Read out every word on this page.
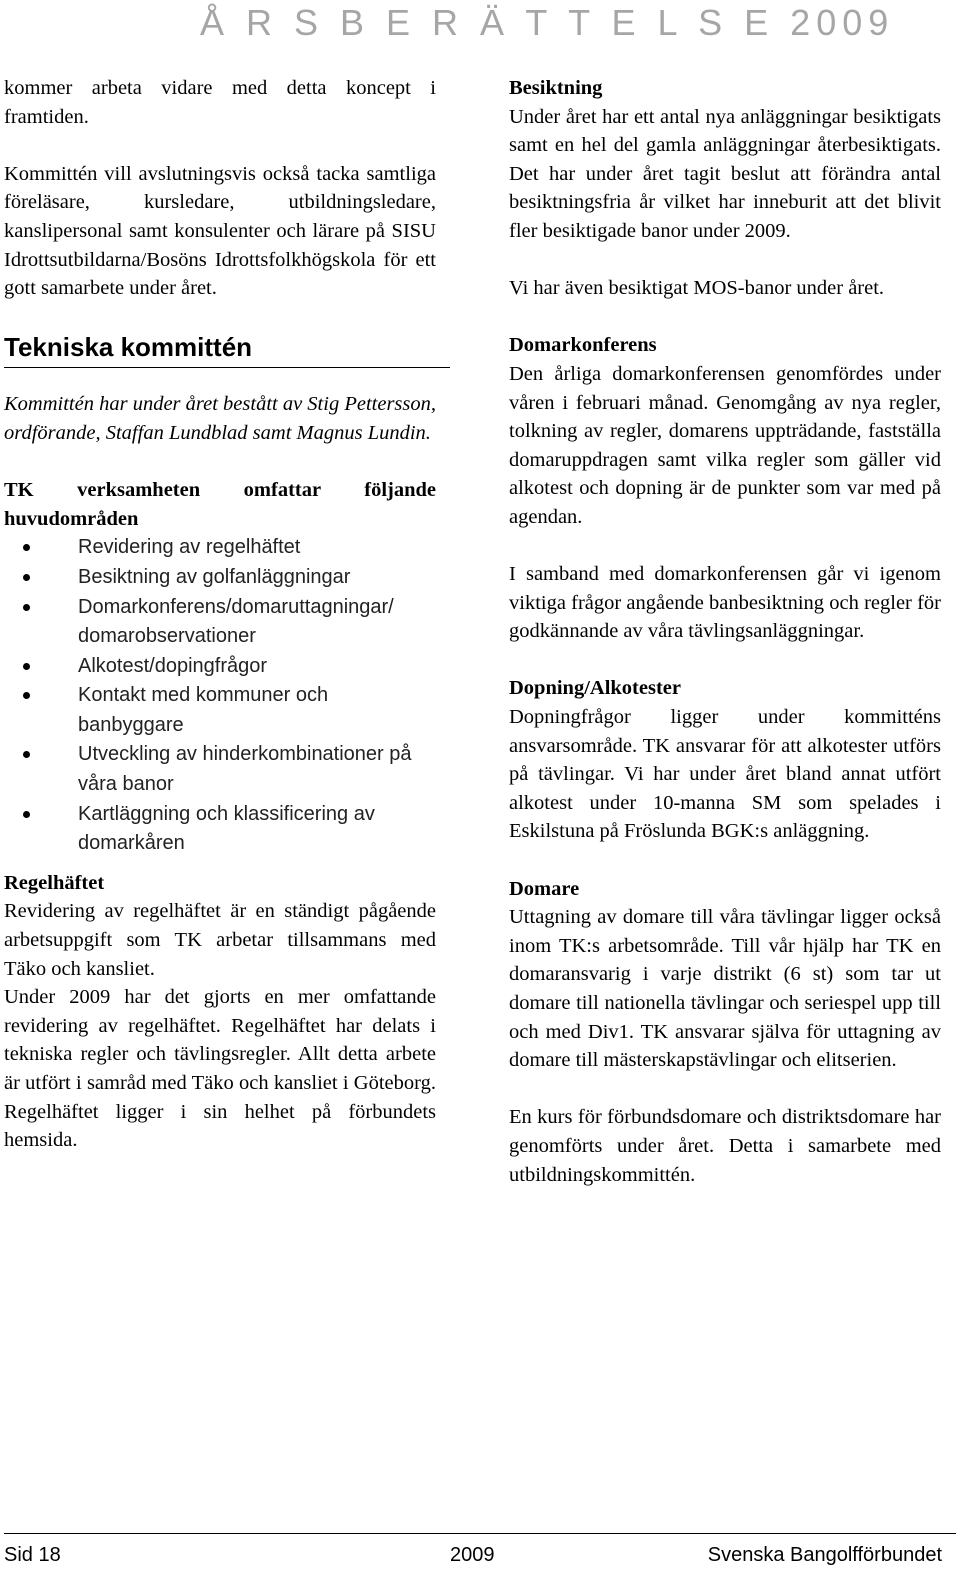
Å R S B E R Ä T T E L S E 2009

kommer arbeta vidare med detta koncept i framtiden.

Kommittén vill avslutningsvis också tacka samtliga föreläsare, kursledare, utbildningsledare, kanslipersonal samt konsulenter och lärare på SISU Idrottsutbildarna/Bosöns Idrottsfolkhögskola för ett gott samarbete under året.

Tekniska kommittén

Kommittén har under året bestått av Stig Pettersson, ordförande, Staffan Lundblad samt Magnus Lundin.

TK verksamheten omfattar följande huvudområden

Revidering av regelhäftet
Besiktning av golfanläggningar
Domarkonferens/domaruttagningar/ domarobservationer
Alkotest/dopingfrågor
Kontakt med kommuner och banbyggare
Utveckling av hinderkombinationer på våra banor
Kartläggning och klassificering av domarkåren

Regelhäftet

Revidering av regelhäftet är en ständigt pågående arbetsuppgift som TK arbetar tillsammans med Täko och kansliet.

Under 2009 har det gjorts en mer omfattande revidering av regelhäftet. Regelhäftet har delats i tekniska regler och tävlingsregler. Allt detta arbete är utfört i samråd med Täko och kansliet i Göteborg. Regelhäftet ligger i sin helhet på förbundets hemsida.

Besiktning

Under året har ett antal nya anläggningar besiktigats samt en hel del gamla anläggningar återbesiktigats. Det har under året tagit beslut att förändra antal besiktningsfria år vilket har inneburit att det blivit fler besiktigade banor under 2009.

Vi har även besiktigat MOS-banor under året.

Domarkonferens

Den årliga domarkonferensen genomfördes under våren i februari månad. Genomgång av nya regler, tolkning av regler, domarens uppträdande, fastställa domaruppdragen samt vilka regler som gäller vid alkotest och dopning är de punkter som var med på agendan.

I samband med domarkonferensen går vi igenom viktiga frågor angående banbesiktning och regler för godkännande av våra tävlingsanläggningar.

Dopning/Alkotester

Dopningfrågor ligger under kommitténs ansvarsområde. TK ansvarar för att alkotester utförs på tävlingar. Vi har under året bland annat utfört alkotest under 10-manna SM som spelades i Eskilstuna på Fröslunda BGK:s anläggning.

Domare

Uttagning av domare till våra tävlingar ligger också inom TK:s arbetsområde. Till vår hjälp har TK en domaransvarig i varje distrikt (6 st) som tar ut domare till nationella tävlingar och seriespel upp till och med Div1. TK ansvarar själva för uttagning av domare till mästerskapstävlingar och elitserien.

En kurs för förbundsdomare och distriktsdomare har genomförts under året. Detta i samarbete med utbildningskommittén.

Sid 18	2009	Svenska Bangolfförbundet
